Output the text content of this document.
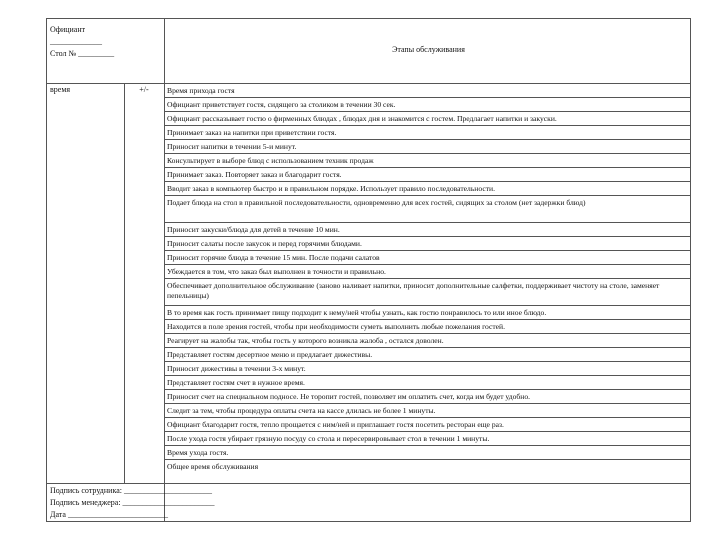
Официант
_____________
Стол № _________	Этапы обслуживания
время	+/-	Время прихода гостя
Официант приветствует гостя, сидящего за столиком в течении 30 сек.
Официант рассказывает гостю о фирменных блюдах , блюдах дня и знакомится с гостем. Предлагает напитки и закуски.
Принимает заказ на напитки при приветствии гостя.
Приносит напитки в течении 5-и минут.
Консультирует в выборе блюд с использованием техник продаж
Принимает заказ. Повторяет заказ и благодарит гостя.
Вводит заказ в компьютер быстро и в правильном порядке. Использует правило последовательности.
Подает блюда на стол в правильной последовательности, одновременно для всех гостей, сидящих за столом (нет задержки блюд)
Приносит закуски/блюда для детей в течение 10 мин.
Приносит салаты после закусок и перед горячими блюдами.
Приносит горячие блюда в течение 15 мин. После подачи салатов
Убеждается в том, что заказ был выполнен в точности и правильно.
Обеспечивает дополнительное обслуживание (заново наливает напитки, приносит дополнительные салфетки, поддерживает чистоту на столе, заменяет пепельницы)
В то время как гость принимает пищу подходит к нему/ней чтобы узнать, как гостю понравилось то или иное блюдо.
Находится в поле зрения гостей, чтобы при необходимости суметь выполнить любые пожелания гостей.
Реагирует на жалобы так, чтобы гость у которого возникла жалоба , остался доволен.
Представляет гостям десертное меню и предлагает дижестивы.
Приносит дижестивы в течении 3-х минут.
Представляет гостям счет в нужное время.
Приносит счет на специальном подносе. Не торопит гостей, позволяет им оплатить счет, когда им будет удобно.
Следит за тем, чтобы процедура оплаты счета на кассе длилась не более 1 минуты.
Официант благодарит гостя, тепло прощается с ним/ней и приглашает гостя посетить ресторан еще раз.
После ухода гостя убирает грязную посуду со стола и пересервировывает стол в течении 1 минуты.
Время ухода гостя.
Общее время обслуживания
Подпись сотрудника: ______________________
Подпись менеджера: _______________________
Дата _________________________
